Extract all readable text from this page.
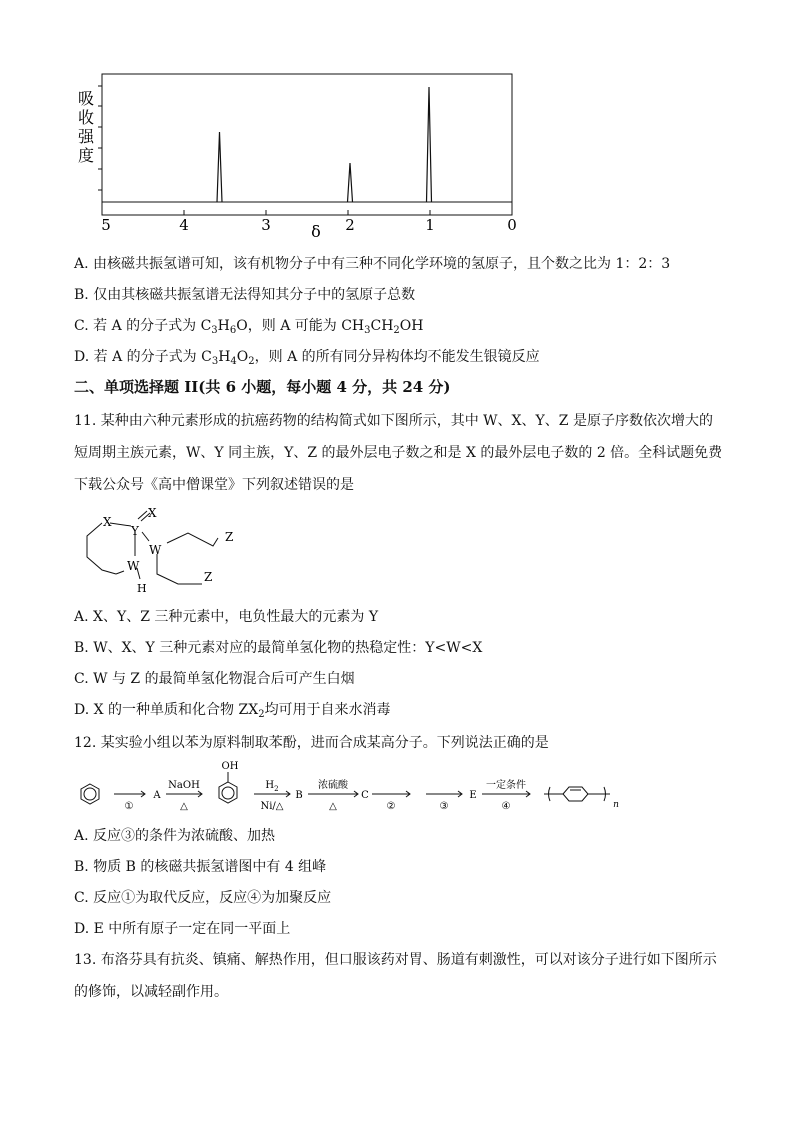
吸
收
强
度
5	4	3	2	1	0
δ
A. 由核磁共振氢谱可知，该有机物分子中有三种不同化学环境的氢原子，且个数之比为 1：2：3
B. 仅由其核磁共振氢谱无法得知其分子中的氢原子总数
C. 若 A 的分子式为 $C_3H_6O$，则 A 可能为 $CH_3CH_2OH$
D. 若 A 的分子式为 $C_3H_4O_2$，则 A 的所有同分异构体均不能发生银镜反应
二、单项选择题 II(共 6 小题，每小题 4 分，共 24 分)
11. 某种由六种元素形成的抗癌药物的结构简式如下图所示，其中 W、X、Y、Z 是原子序数依次增大的短周期主族元素，W、Y 同主族，Y、Z 的最外层电子数之和是 X 的最外层电子数的 2 倍。全科试题免费下载公众号《高中僧课堂》下列叙述错误的是
X
X
Y
W
W
H
Z
Z
A. X、Y、Z 三种元素中，电负性最大的元素为 Y
B. W、X、Y 三种元素对应的最简单氢化物的热稳定性：Y<W<X
C. W 与 Z 的最简单氢化物混合后可产生白烟
D. X 的一种单质和化合物 $ZX_2$均可用于自来水消毒
12. 某实验小组以苯为原料制取苯酚，进而合成某高分子。下列说法正确的是
①
A
NaOH
△
OH
$H_2$
Ni/△
B
浓硫酸
△
C
②	③
E
一定条件
④	n
A. 反应③的条件为浓硫酸、加热
B. 物质 B 的核磁共振氢谱图中有 4 组峰
C. 反应①为取代反应，反应④为加聚反应
D. E 中所有原子一定在同一平面上
13. 布洛芬具有抗炎、镇痛、解热作用，但口服该药对胃、肠道有刺激性，可以对该分子进行如下图所示的修饰，以减轻副作用。
